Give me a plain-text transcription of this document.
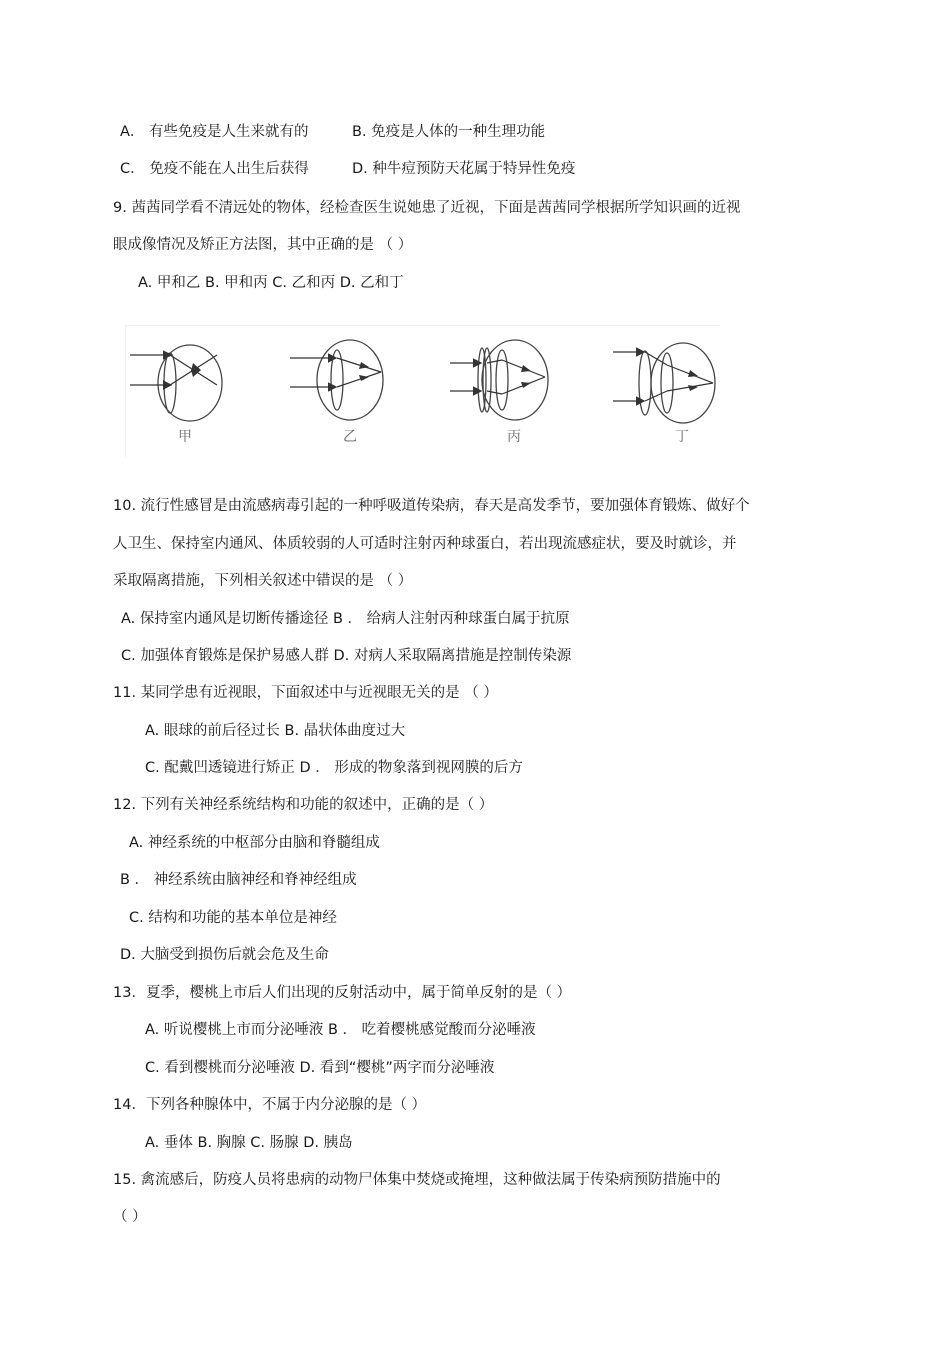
A． 有些免疫是人生来就有的	B. 免疫是人体的一种生理功能
C． 免疫不能在人出生后获得	D. 种牛痘预防天花属于特异性免疫
9. 茜茜同学看不清远处的物体，经检查医生说她患了近视，下面是茜茜同学根据所学知识画的近视
眼成像情况及矫正方法图，其中正确的是 （ ）
A. 甲和乙 B. 甲和丙 C. 乙和丙 D. 乙和丁
甲	乙	丙	丁
10. 流行性感冒是由流感病毒引起的一种呼吸道传染病，春天是高发季节，要加强体育锻炼、做好个
人卫生、保持室内通风、体质较弱的人可适时注射丙种球蛋白，若出现流感症状，要及时就诊，并
采取隔离措施，下列相关叙述中错误的是 （ ）
A. 保持室内通风是切断传播途径 B ． 给病人注射丙种球蛋白属于抗原
C. 加强体育锻炼是保护易感人群 D. 对病人采取隔离措施是控制传染源
11. 某同学患有近视眼，下面叙述中与近视眼无关的是 （ ）
A. 眼球的前后径过长 B. 晶状体曲度过大
C. 配戴凹透镜进行矫正 D ． 形成的物象落到视网膜的后方
12. 下列有关神经系统结构和功能的叙述中，正确的是（ ）
A. 神经系统的中枢部分由脑和脊髓组成
B ． 神经系统由脑神经和脊神经组成
C. 结构和功能的基本单位是神经
D. 大脑受到损伤后就会危及生命
13．夏季，樱桃上市后人们出现的反射活动中，属于简单反射的是（ ）
A. 听说樱桃上市而分泌唾液 B ． 吃着樱桃感觉酸而分泌唾液
C. 看到樱桃而分泌唾液 D. 看到“樱桃”两字而分泌唾液
14．下列各种腺体中，不属于内分泌腺的是（ ）
A. 垂体 B. 胸腺 C. 肠腺 D. 胰岛
15. 禽流感后，防疫人员将患病的动物尸体集中焚烧或掩埋，这种做法属于传染病预防措施中的
（ ）
